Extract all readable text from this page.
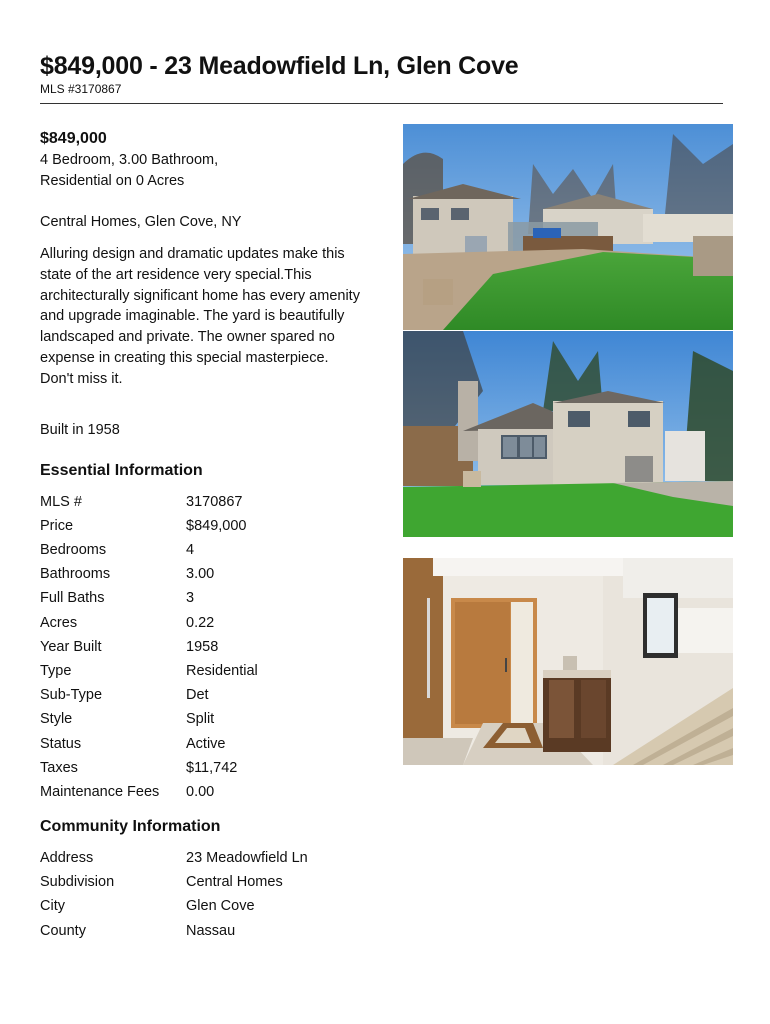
$849,000 - 23 Meadowfield Ln, Glen Cove
MLS #3170867
$849,000
4 Bedroom, 3.00 Bathroom,
Residential on 0 Acres
Central Homes, Glen Cove, NY
Alluring design and dramatic updates make this state of the art residence very special.This architecturally significant home has every amenity and upgrade imaginable. The yard is beautifully landscaped and private. The owner spared no expense in creating this special masterpiece. Don't miss it.
Built in 1958
Essential Information
MLS #	3170867
Price	$849,000
Bedrooms	4
Bathrooms	3.00
Full Baths	3
Acres	0.22
Year Built	1958
Type	Residential
Sub-Type	Det
Style	Split
Status	Active
Taxes	$11,742
Maintenance Fees	0.00
Community Information
Address	23 Meadowfield Ln
Subdivision	Central Homes
City	Glen Cove
County	Nassau
